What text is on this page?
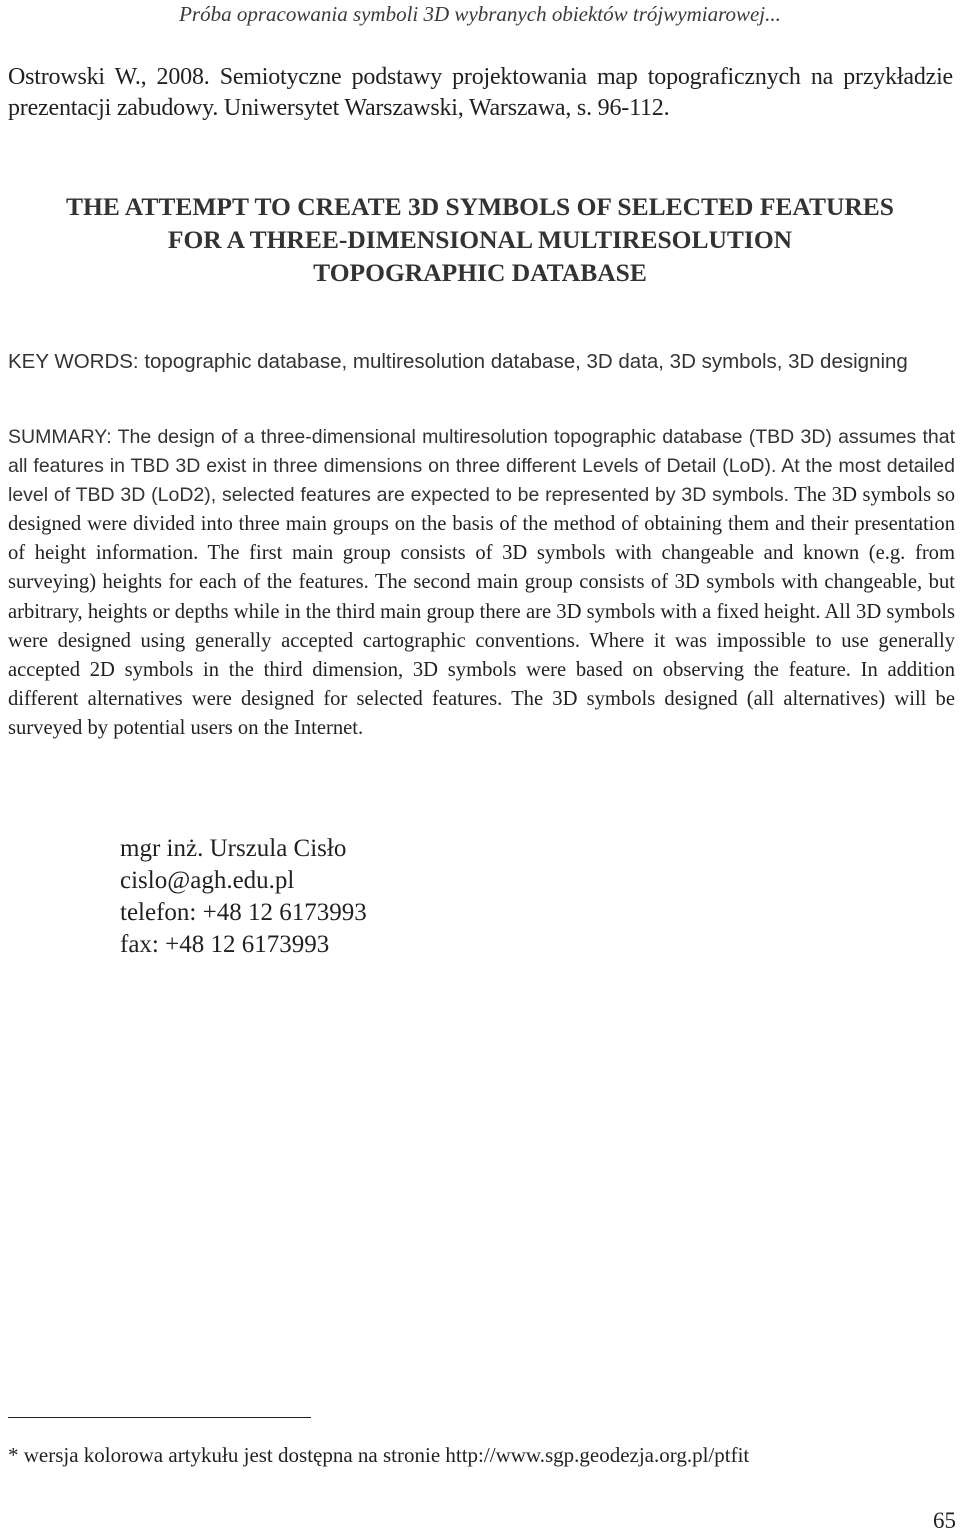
Próba opracowania symboli 3D wybranych obiektów trójwymiarowej...
Ostrowski W., 2008. Semiotyczne podstawy projektowania map topograficznych na przykładzie prezentacji zabudowy. Uniwersytet Warszawski, Warszawa, s. 96-112.
THE ATTEMPT TO CREATE 3D SYMBOLS OF SELECTED FEATURES
FOR A THREE-DIMENSIONAL MULTIRESOLUTION
TOPOGRAPHIC DATABASE
KEY WORDS: topographic database, multiresolution database, 3D data, 3D symbols, 3D designing
SUMMARY: The design of a three-dimensional multiresolution topographic database (TBD 3D) assumes that all features in TBD 3D exist in three dimensions on three different Levels of Detail (LoD). At the most detailed level of TBD 3D (LoD2), selected features are expected to be represented by 3D symbols. The 3D symbols so designed were divided into three main groups on the basis of the method of obtaining them and their presentation of height information. The first main group consists of 3D symbols with changeable and known (e.g. from surveying) heights for each of the features. The second main group consists of 3D symbols with changeable, but arbitrary, heights or depths while in the third main group there are 3D symbols with a fixed height. All 3D symbols were designed using generally accepted cartographic conventions. Where it was impossible to use generally accepted 2D symbols in the third dimension, 3D symbols were based on observing the feature. In addition different alternatives were designed for selected features. The 3D symbols designed (all alternatives) will be surveyed by potential users on the Internet.
mgr inż. Urszula Cisło
cislo@agh.edu.pl
telefon: +48 12 6173993
fax: +48 12 6173993
* wersja kolorowa artykułu jest dostępna na stronie http://www.sgp.geodezja.org.pl/ptfit
65
